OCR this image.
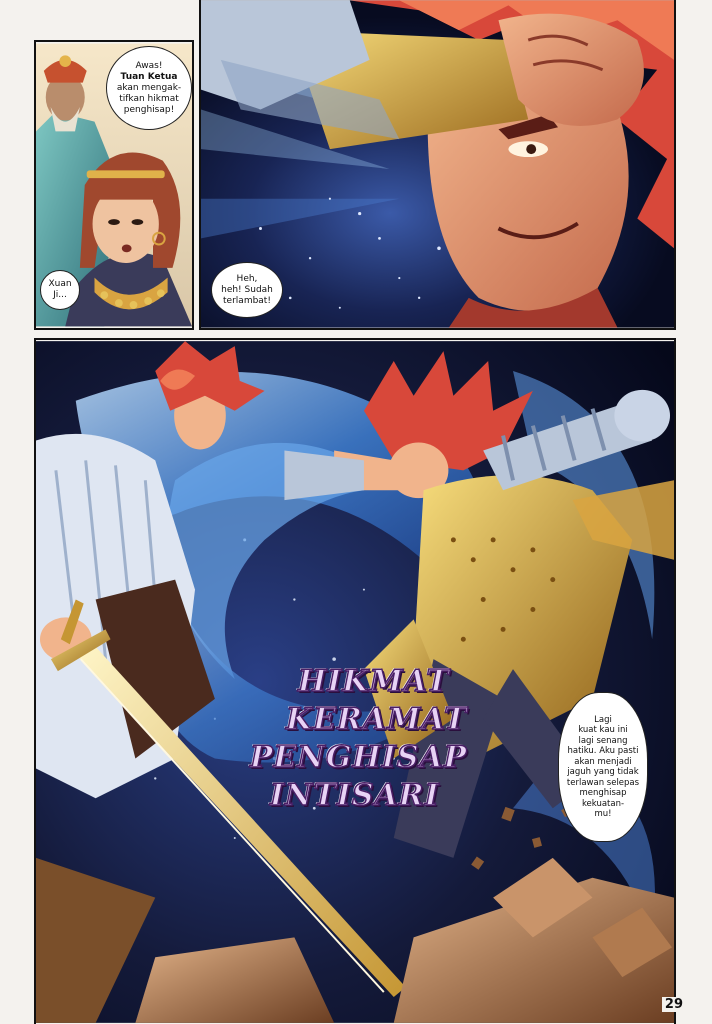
Awas!
Tuan Ketua
akan mengak-
tifkan hikmat
penghisap!
Xuan
Ji...
Heh,
heh! Sudah
terlambat!
HIKMAT
KERAMAT
PENGHISAP
INTISARI
Lagi
kuat kau ini
lagi senang
hatiku. Aku pasti
akan menjadi
jaguh yang tidak
terlawan selepas
menghisap
kekuatan-
mu!
29
